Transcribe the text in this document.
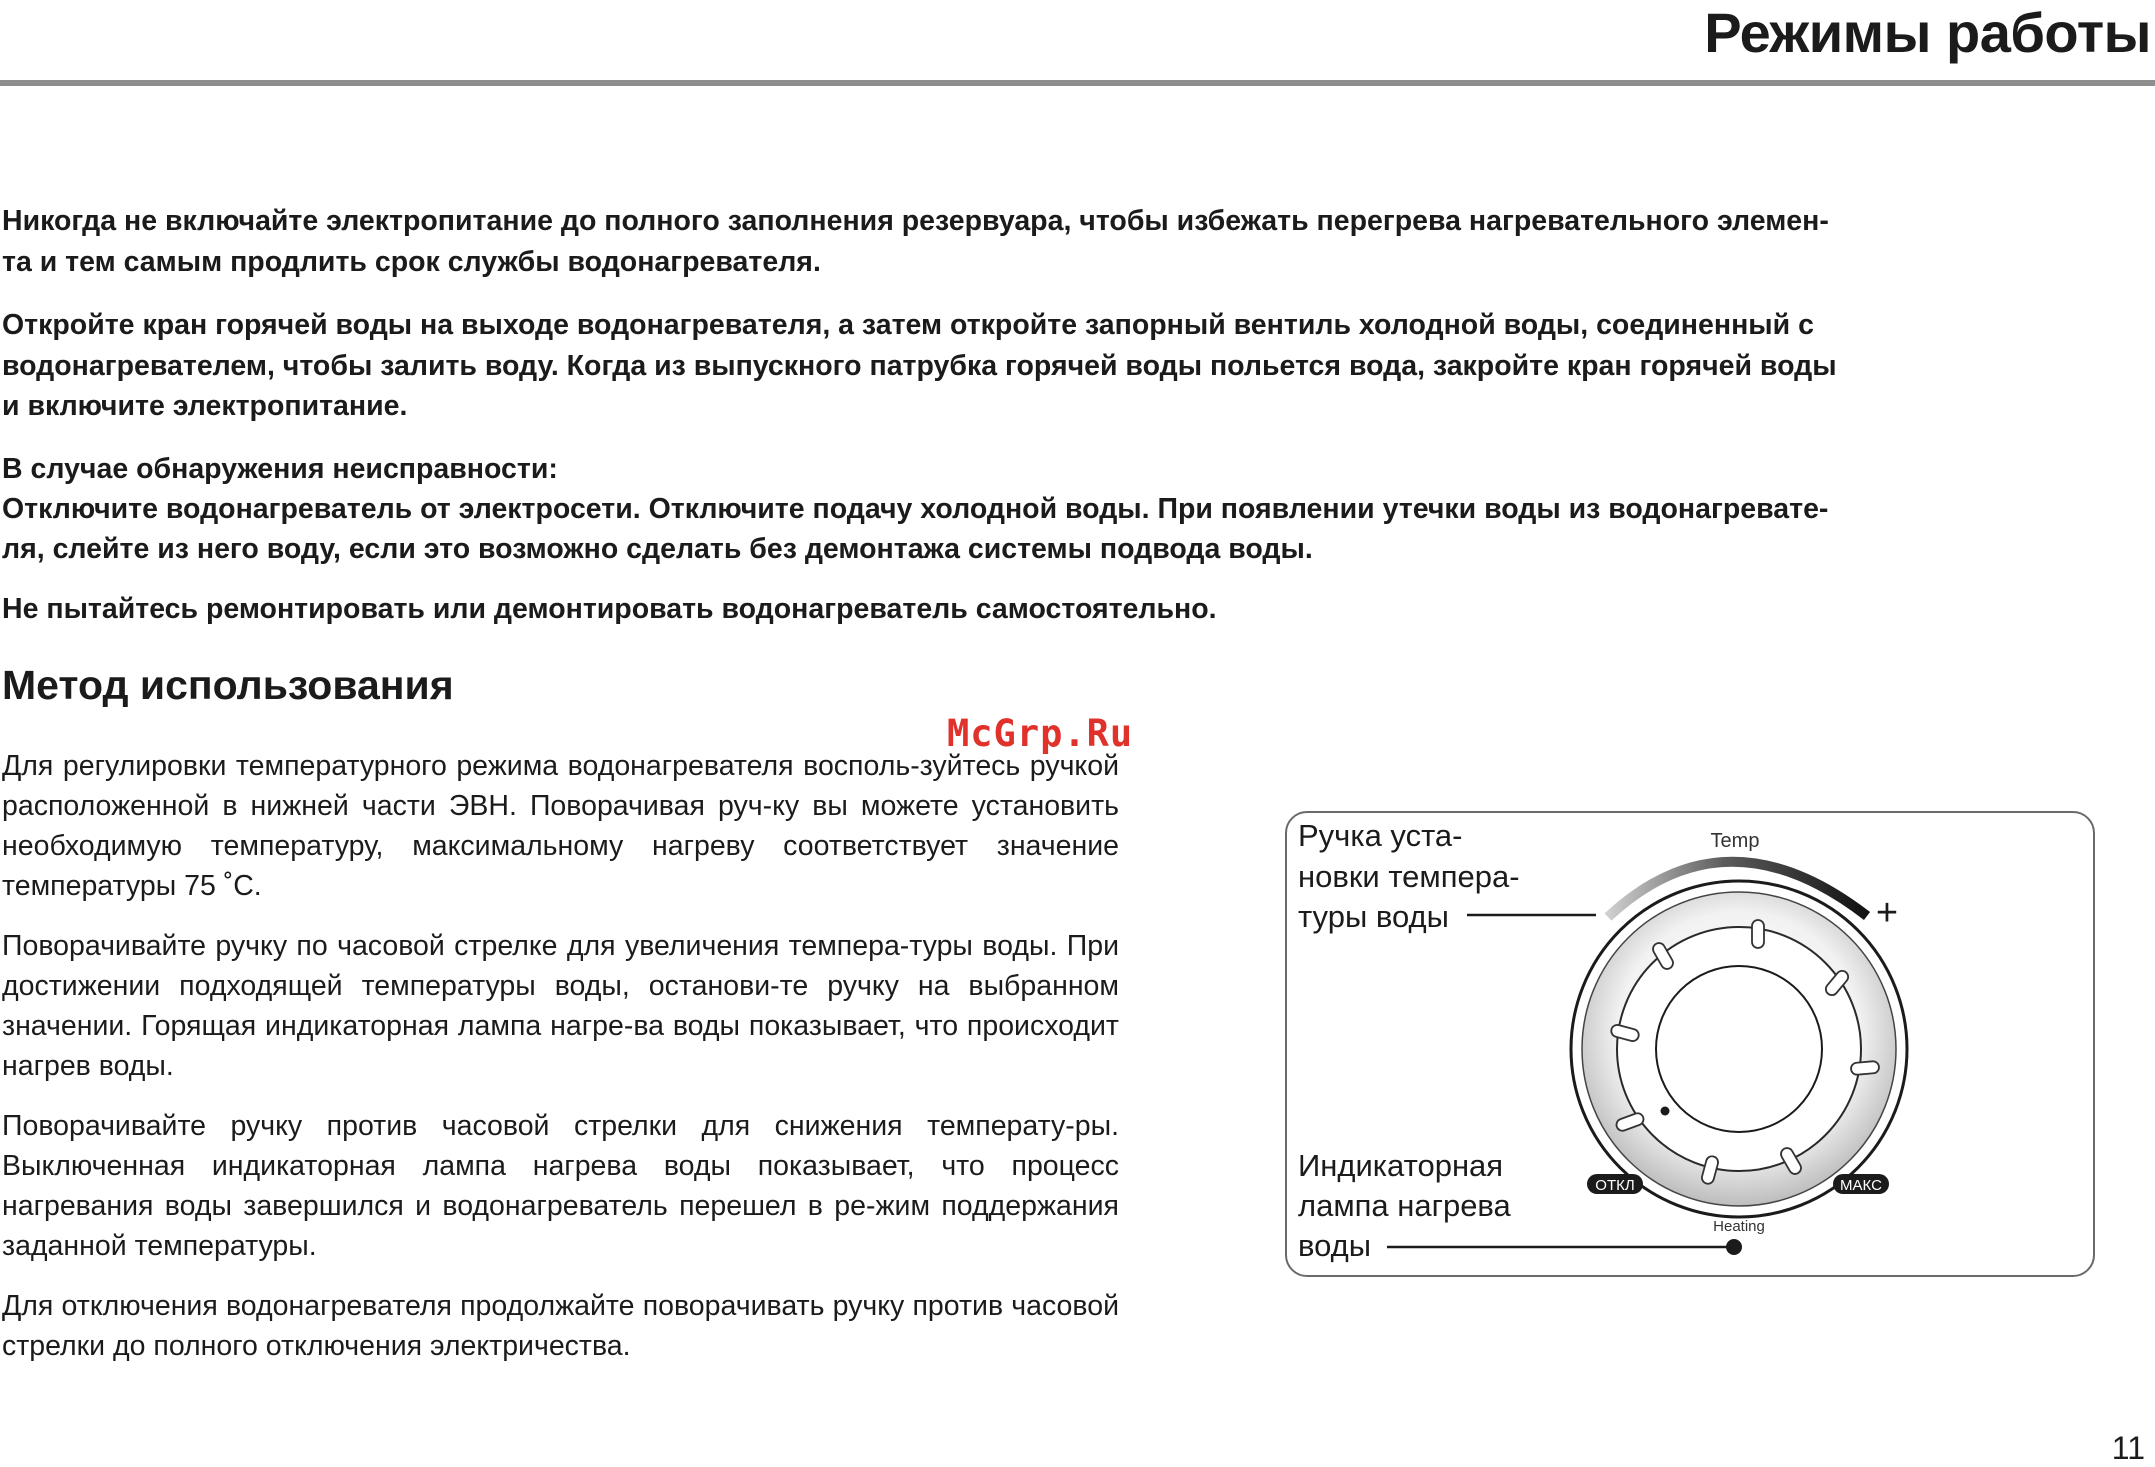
Режимы работы

Никогда не включайте электропитание до полного заполнения резервуара, чтобы избежать перегрева нагревательного элемен-

та и тем самым продлить срок службы водонагревателя.

Откройте кран горячей воды на выходе водонагревателя, а затем откройте запорный вентиль холодной воды, соединенный с

водонагревателем, чтобы залить воду. Когда из выпускного патрубка горячей воды польется вода, закройте кран горячей воды

и включите электропитание.

В случае обнаружения неисправности:

Отключите водонагреватель от электросети. Отключите подачу холодной воды. При появлении утечки воды из водонагревате-

ля, слейте из него воду, если это возможно сделать без демонтажа системы подвода воды.

Не пытайтесь ремонтировать или демонтировать водонагреватель самостоятельно.

Метод использования

McGrp.Ru

Для регулировки температурного режима водонагревателя восполь-зуйтесь ручкой расположенной в нижней части ЭВН. Поворачивая руч-ку вы можете установить необходимую температуру, максимальному нагреву соответствует значение температуры 75 ˚С.

Поворачивайте ручку по часовой стрелке для увеличения темпера-туры воды. При достижении подходящей температуры воды, останови-те ручку на выбранном значении. Горящая индикаторная лампа нагре-ва воды показывает, что происходит нагрев воды.

Поворачивайте ручку против часовой стрелки для снижения температу-ры. Выключенная индикаторная лампа нагрева воды показывает, что процесс нагревания воды завершился и водонагреватель перешел в ре-жим поддержания заданной температуры.

Для отключения водонагревателя продолжайте поворачивать ручку против часовой стрелки до полного отключения электричества.

Ручка уста-

новки темпера-

туры воды

Индикаторная

лампа нагрева

воды

Temp
+
ОТКЛ	МАКС
Heating

11
